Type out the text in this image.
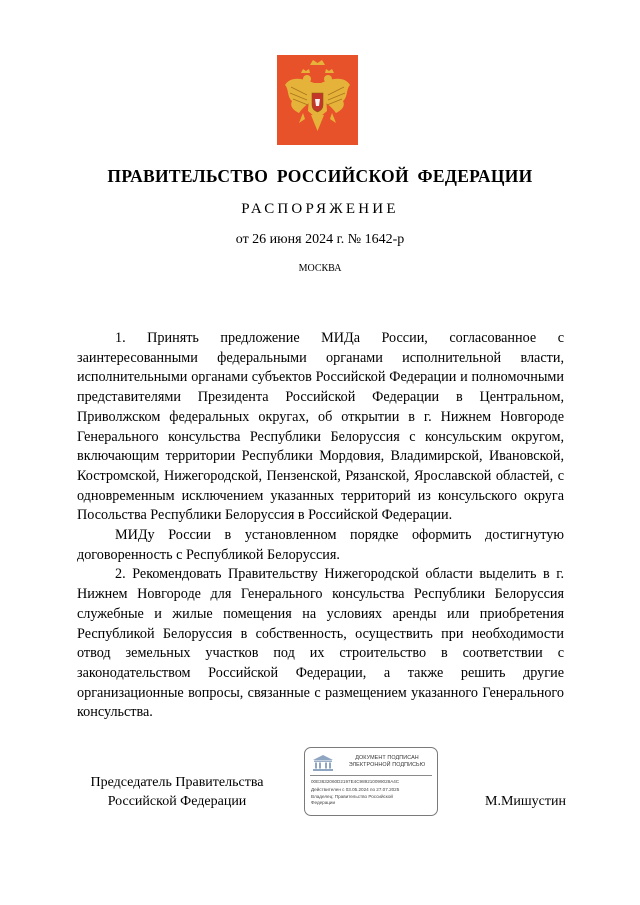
ПРАВИТЕЛЬСТВО РОССИЙСКОЙ ФЕДЕРАЦИИ
РАСПОРЯЖЕНИЕ
от 26 июня 2024 г. № 1642-р
МОСКВА

1. Принять предложение МИДа России, согласованное с заинтересованными федеральными органами исполнительной власти, исполнительными органами субъектов Российской Федерации и полномочными представителями Президента Российской Федерации в Центральном, Приволжском федеральных округах, об открытии в г. Нижнем Новгороде Генерального консульства Республики Белоруссия с консульским округом, включающим территории Республики Мордовия, Владимирской, Ивановской, Костромской, Нижегородской, Пензенской, Рязанской, Ярославской областей, с одновременным исключением указанных территорий из консульского округа Посольства Республики Белоруссия в Российской Федерации.

МИДу России в установленном порядке оформить достигнутую договоренность с Республикой Белоруссия.

2. Рекомендовать Правительству Нижегородской области выделить в г. Нижнем Новгороде для Генерального консульства Республики Белоруссия служебные и жилые помещения на условиях аренды или приобретения Республикой Белоруссия в собственность, осуществить при необходимости отвод земельных участков под их строительство в соответствии с законодательством Российской Федерации, а также решить другие организационные вопросы, связанные с размещением указанного Генерального консульства.

Председатель Правительства
Российской Федерации
ДОКУМЕНТ ПОДПИСАН
ЭЛЕКТРОННОЙ ПОДПИСЬЮ
00E3632060D2197E4C989210099028A4C
Действителен с 03.05.2024 по 27.07.2025
Владелец: Правительство Российской
Федерации	М.Мишустин
